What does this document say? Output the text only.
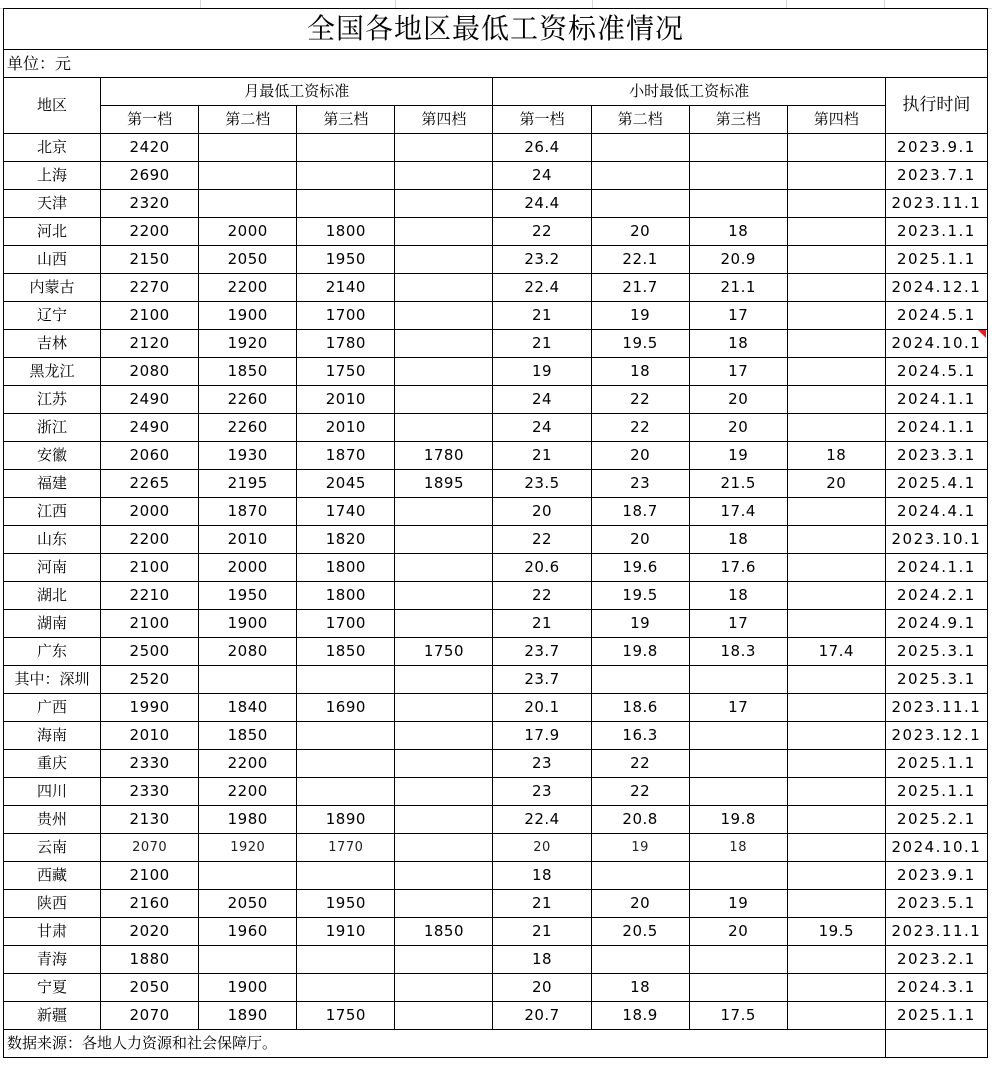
全国各地区最低工资标准情况									
单位：元									
地区	月最低工资标准				小时最低工资标准				执行时间
	第一档	第二档	第三档	第四档	第一档	第二档	第三档	第四档	
北京	2420				26.4				2023.9.1
上海	2690				24				2023.7.1
天津	2320				24.4				2023.11.1
河北	2200	2000	1800		22	20	18		2023.1.1
山西	2150	2050	1950		23.2	22.1	20.9		2025.1.1
内蒙古	2270	2200	2140		22.4	21.7	21.1		2024.12.1
辽宁	2100	1900	1700		21	19	17		2024.5.1
吉林	2120	1920	1780		21	19.5	18		2024.10.1
黑龙江	2080	1850	1750		19	18	17		2024.5.1
江苏	2490	2260	2010		24	22	20		2024.1.1
浙江	2490	2260	2010		24	22	20		2024.1.1
安徽	2060	1930	1870	1780	21	20	19	18	2023.3.1
福建	2265	2195	2045	1895	23.5	23	21.5	20	2025.4.1
江西	2000	1870	1740		20	18.7	17.4		2024.4.1
山东	2200	2010	1820		22	20	18		2023.10.1
河南	2100	2000	1800		20.6	19.6	17.6		2024.1.1
湖北	2210	1950	1800		22	19.5	18		2024.2.1
湖南	2100	1900	1700		21	19	17		2024.9.1
广东	2500	2080	1850	1750	23.7	19.8	18.3	17.4	2025.3.1
其中：深圳	2520				23.7				2025.3.1
广西	1990	1840	1690		20.1	18.6	17		2023.11.1
海南	2010	1850			17.9	16.3			2023.12.1
重庆	2330	2200			23	22			2025.1.1
四川	2330	2200			23	22			2025.1.1
贵州	2130	1980	1890		22.4	20.8	19.8		2025.2.1
云南	2070	1920	1770		20	19	18		2024.10.1
西藏	2100				18				2023.9.1
陕西	2160	2050	1950		21	20	19		2023.5.1
甘肃	2020	1960	1910	1850	21	20.5	20	19.5	2023.11.1
青海	1880				18				2023.2.1
宁夏	2050	1900			20	18			2024.3.1
新疆	2070	1890	1750		20.7	18.9	17.5		2025.1.1
数据来源：各地人力资源和社会保障厅。									
